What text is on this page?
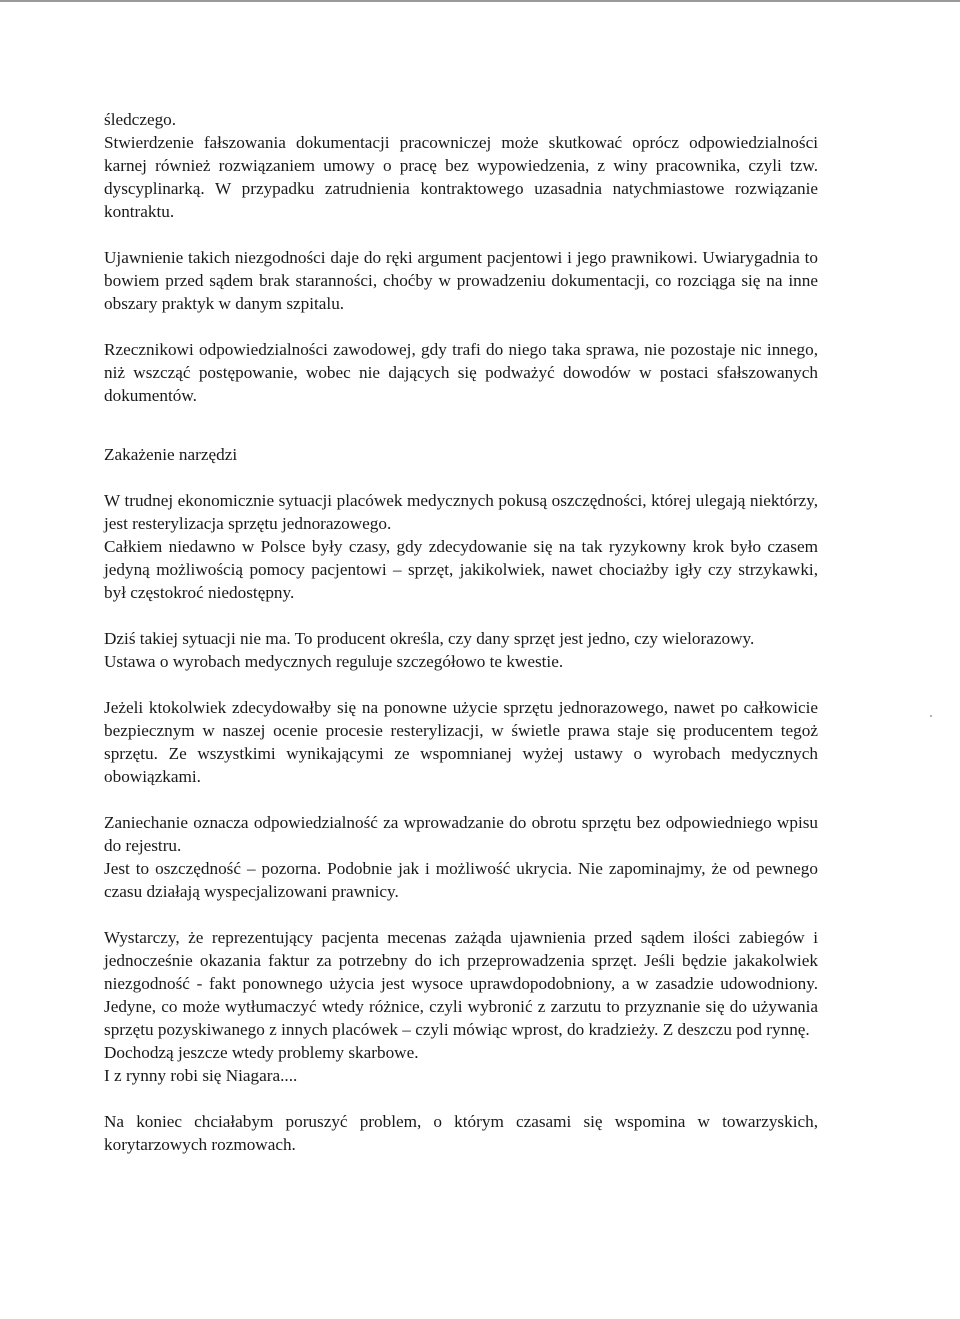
śledczego.

Stwierdzenie fałszowania dokumentacji pracowniczej może skutkować oprócz odpowiedzialności karnej również rozwiązaniem umowy o pracę bez wypowiedzenia, z winy pracownika, czyli tzw. dyscyplinarką. W przypadku zatrudnienia kontraktowego uzasadnia natychmiastowe rozwiązanie kontraktu.

Ujawnienie takich niezgodności daje do ręki argument pacjentowi i jego prawnikowi. Uwiarygadnia to bowiem przed sądem brak staranności, choćby w prowadzeniu dokumentacji, co rozciąga się na inne obszary praktyk w danym szpitalu.

Rzecznikowi odpowiedzialności zawodowej, gdy trafi do niego taka sprawa, nie pozostaje nic innego, niż wszcząć postępowanie, wobec nie dających się podważyć dowodów w postaci sfałszowanych dokumentów.

Zakażenie narzędzi

W trudnej ekonomicznie sytuacji placówek medycznych pokusą oszczędności, której ulegają niektórzy, jest resterylizacja sprzętu jednorazowego.

Całkiem niedawno w Polsce były czasy, gdy zdecydowanie się na tak ryzykowny krok było czasem jedyną możliwością pomocy pacjentowi – sprzęt, jakikolwiek, nawet chociażby igły czy strzykawki, był częstokroć niedostępny.

Dziś takiej sytuacji nie ma. To producent określa, czy dany sprzęt jest jedno, czy wielorazowy.

Ustawa o wyrobach medycznych reguluje szczegółowo te kwestie.

Jeżeli ktokolwiek zdecydowałby się na ponowne użycie sprzętu jednorazowego, nawet po całkowicie bezpiecznym w naszej ocenie procesie resterylizacji, w świetle prawa staje się producentem tegoż sprzętu. Ze wszystkimi wynikającymi ze wspomnianej wyżej ustawy o wyrobach medycznych obowiązkami.

Zaniechanie oznacza odpowiedzialność za wprowadzanie do obrotu sprzętu bez odpowiedniego wpisu do rejestru.

Jest to oszczędność – pozorna. Podobnie jak i możliwość ukrycia. Nie zapominajmy, że od pewnego czasu działają wyspecjalizowani prawnicy.

Wystarczy, że reprezentujący pacjenta mecenas zażąda ujawnienia przed sądem ilości zabiegów i jednocześnie okazania faktur za potrzebny do ich przeprowadzenia sprzęt. Jeśli będzie jakakolwiek niezgodność - fakt ponownego użycia jest wysoce uprawdopodobniony, a w zasadzie udowodniony. Jedyne, co może wytłumaczyć wtedy różnice, czyli wybronić z zarzutu to przyznanie się do używania sprzętu pozyskiwanego z innych placówek – czyli mówiąc wprost, do kradzieży. Z deszczu pod rynnę.

Dochodzą jeszcze wtedy problemy skarbowe.

I z rynny robi się Niagara....

Na koniec chciałabym poruszyć problem, o którym czasami się wspomina w towarzyskich, korytarzowych rozmowach.
